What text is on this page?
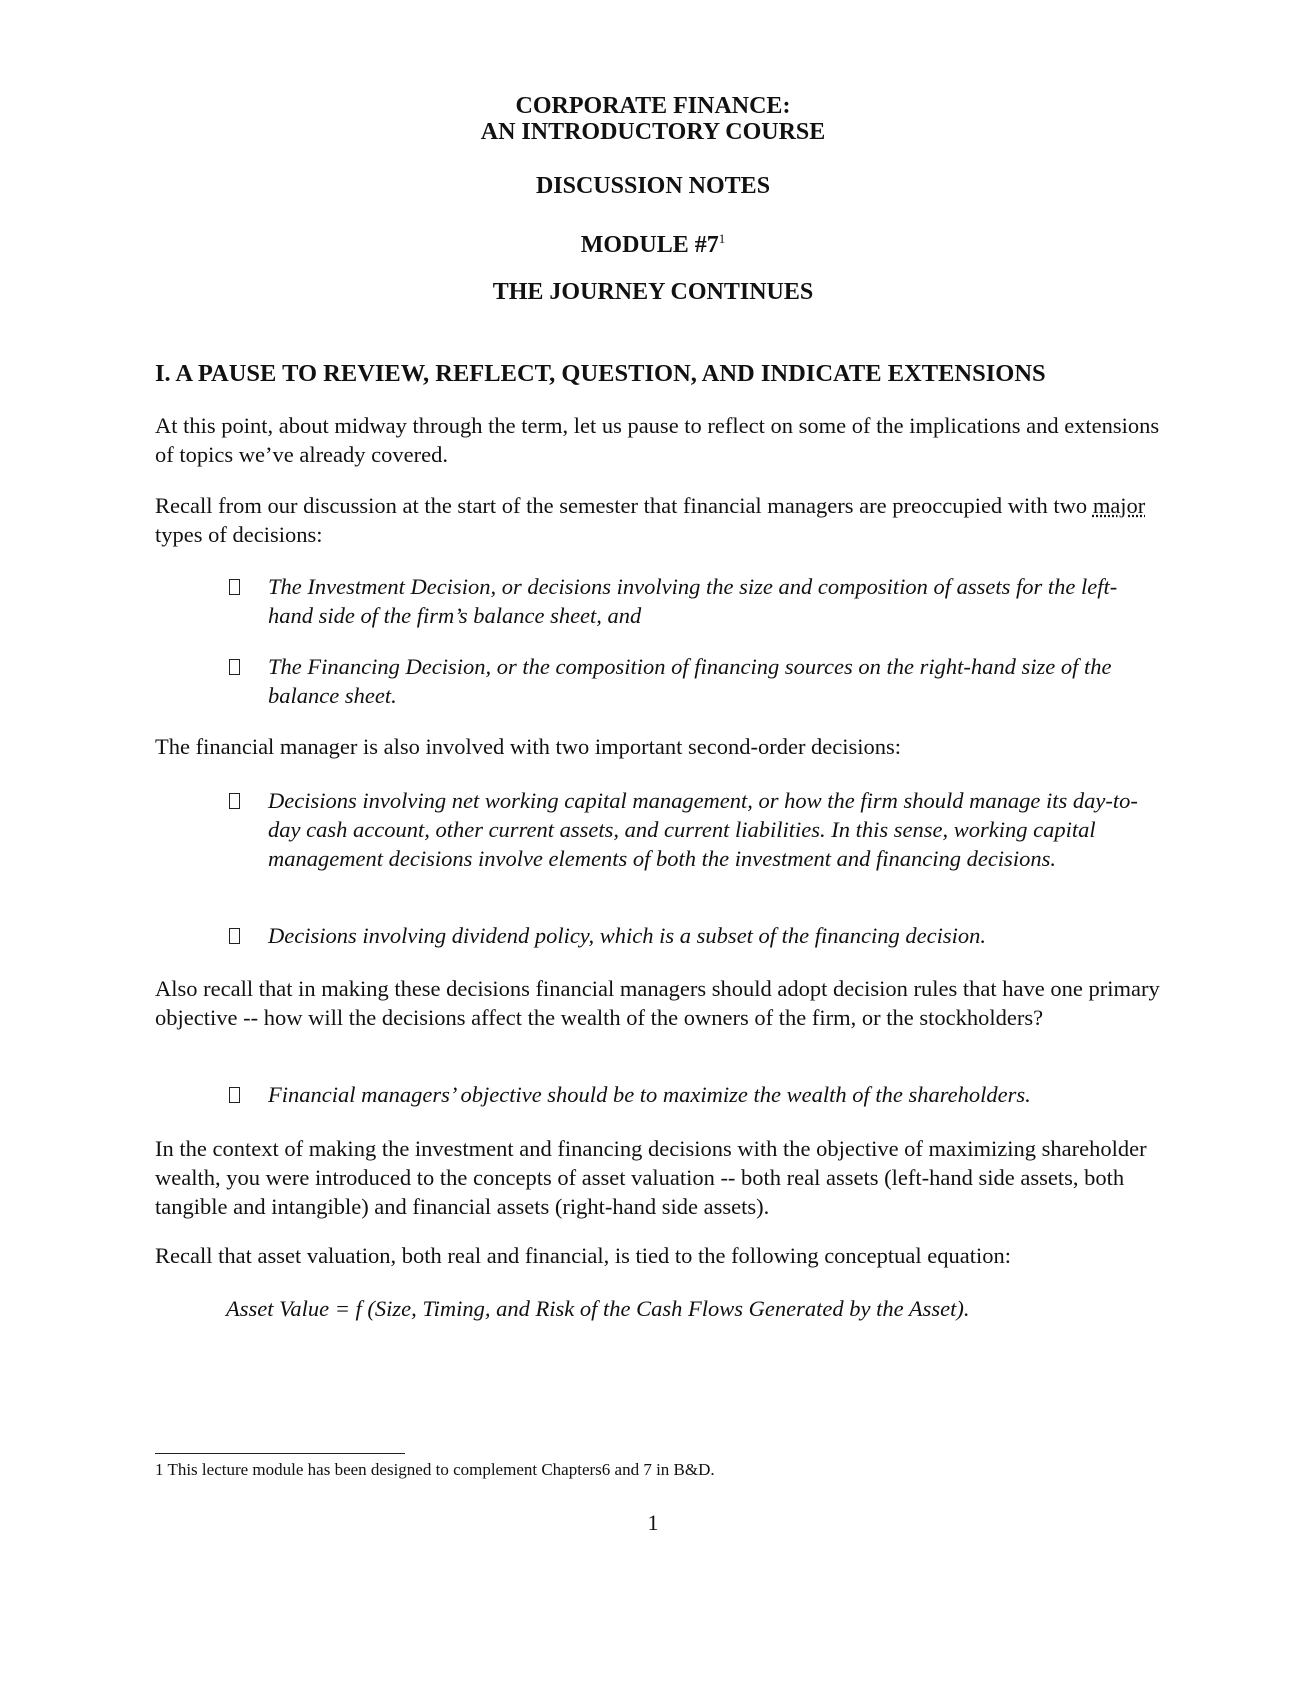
CORPORATE FINANCE:
AN INTRODUCTORY COURSE
DISCUSSION NOTES
MODULE $\#7^1$
THE JOURNEY CONTINUES
I. A PAUSE TO REVIEW, REFLECT, QUESTION, AND INDICATE EXTENSIONS
At this point, about midway through the term, let us pause to reflect on some of the implications and extensions of topics we’ve already covered.
Recall from our discussion at the start of the semester that financial managers are preoccupied with two major types of decisions:
The Investment Decision, or decisions involving the size and composition of assets for the left-hand side of the firm’s balance sheet, and
The Financing Decision, or the composition of financing sources on the right-hand size of the balance sheet.
The financial manager is also involved with two important second-order decisions:
Decisions involving net working capital management, or how the firm should manage its day-to-day cash account, other current assets, and current liabilities. In this sense, working capital management decisions involve elements of both the investment and financing decisions.
Decisions involving dividend policy, which is a subset of the financing decision.
Also recall that in making these decisions financial managers should adopt decision rules that have one primary objective -- how will the decisions affect the wealth of the owners of the firm, or the stockholders?
Financial managers’ objective should be to maximize the wealth of the shareholders.
In the context of making the investment and financing decisions with the objective of maximizing shareholder wealth, you were introduced to the concepts of asset valuation -- both real assets (left-hand side assets, both tangible and intangible) and financial assets (right-hand side assets).
Recall that asset valuation, both real and financial, is tied to the following conceptual equation:
Asset Value = f (Size, Timing, and Risk of the Cash Flows Generated by the Asset).
1 This lecture module has been designed to complement Chapters6 and 7 in B&D.
1
